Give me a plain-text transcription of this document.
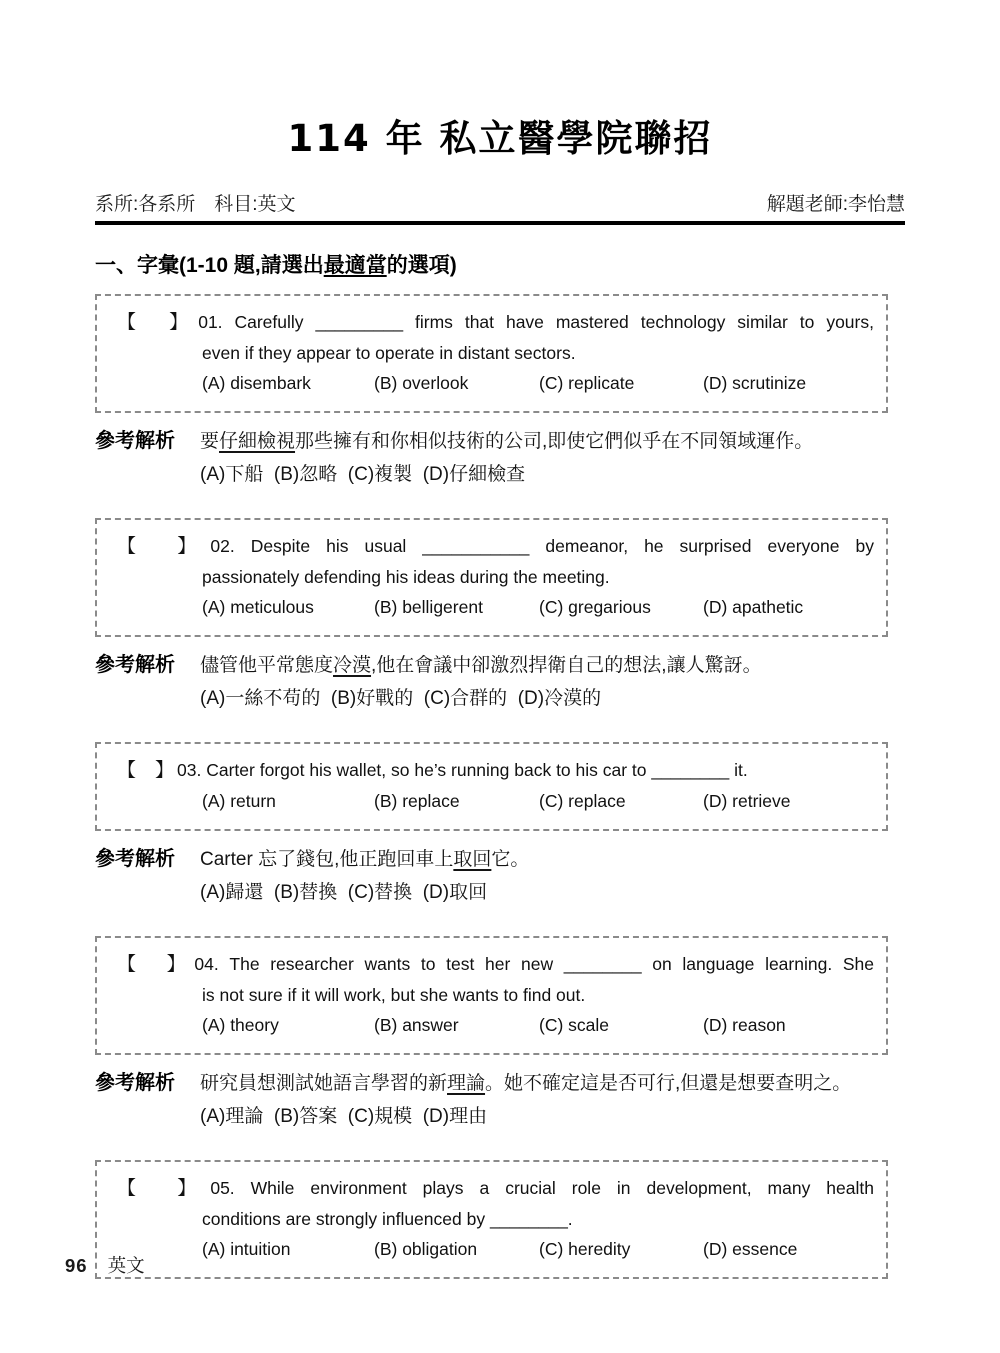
114 年 私立醫學院聯招
系所:各系所　科目:英文	解題老師:李怡慧
一、字彙(1-10 題,請選出最適當的選項)
【　】 01. Carefully _________ firms that have mastered technology similar to yours,
even if they appear to operate in distant sectors.
(A) disembark	(B) overlook	(C) replicate	(D) scrutinize
參考解析	要仔細檢視那些擁有和你相似技術的公司,即使它們似乎在不同領域運作。
(A)下船  (B)忽略  (C)複製  (D)仔細檢查
【　】 02. Despite his usual ___________ demeanor, he surprised everyone by
passionately defending his ideas during the meeting.
(A) meticulous	(B) belligerent	(C) gregarious	(D) apathetic
參考解析	儘管他平常態度冷漠,他在會議中卻激烈捍衛自己的想法,讓人驚訝。
(A)一絲不苟的  (B)好戰的  (C)合群的  (D)冷漠的
【　】 03. Carter forgot his wallet, so he’s running back to his car to ________ it.
(A) return	(B) replace	(C) replace	(D) retrieve
參考解析	Carter 忘了錢包,他正跑回車上取回它。
(A)歸還  (B)替換  (C)替換  (D)取回
【　】 04. The researcher wants to test her new ________ on language learning. She
is not sure if it will work, but she wants to find out.
(A) theory	(B) answer	(C) scale	(D) reason
參考解析	研究員想測試她語言學習的新理論。她不確定這是否可行,但還是想要查明之。
(A)理論  (B)答案  (C)規模  (D)理由
【　】 05. While environment plays a crucial role in development, many health
conditions are strongly influenced by ________.
(A) intuition	(B) obligation	(C) heredity	(D) essence
96 英文
